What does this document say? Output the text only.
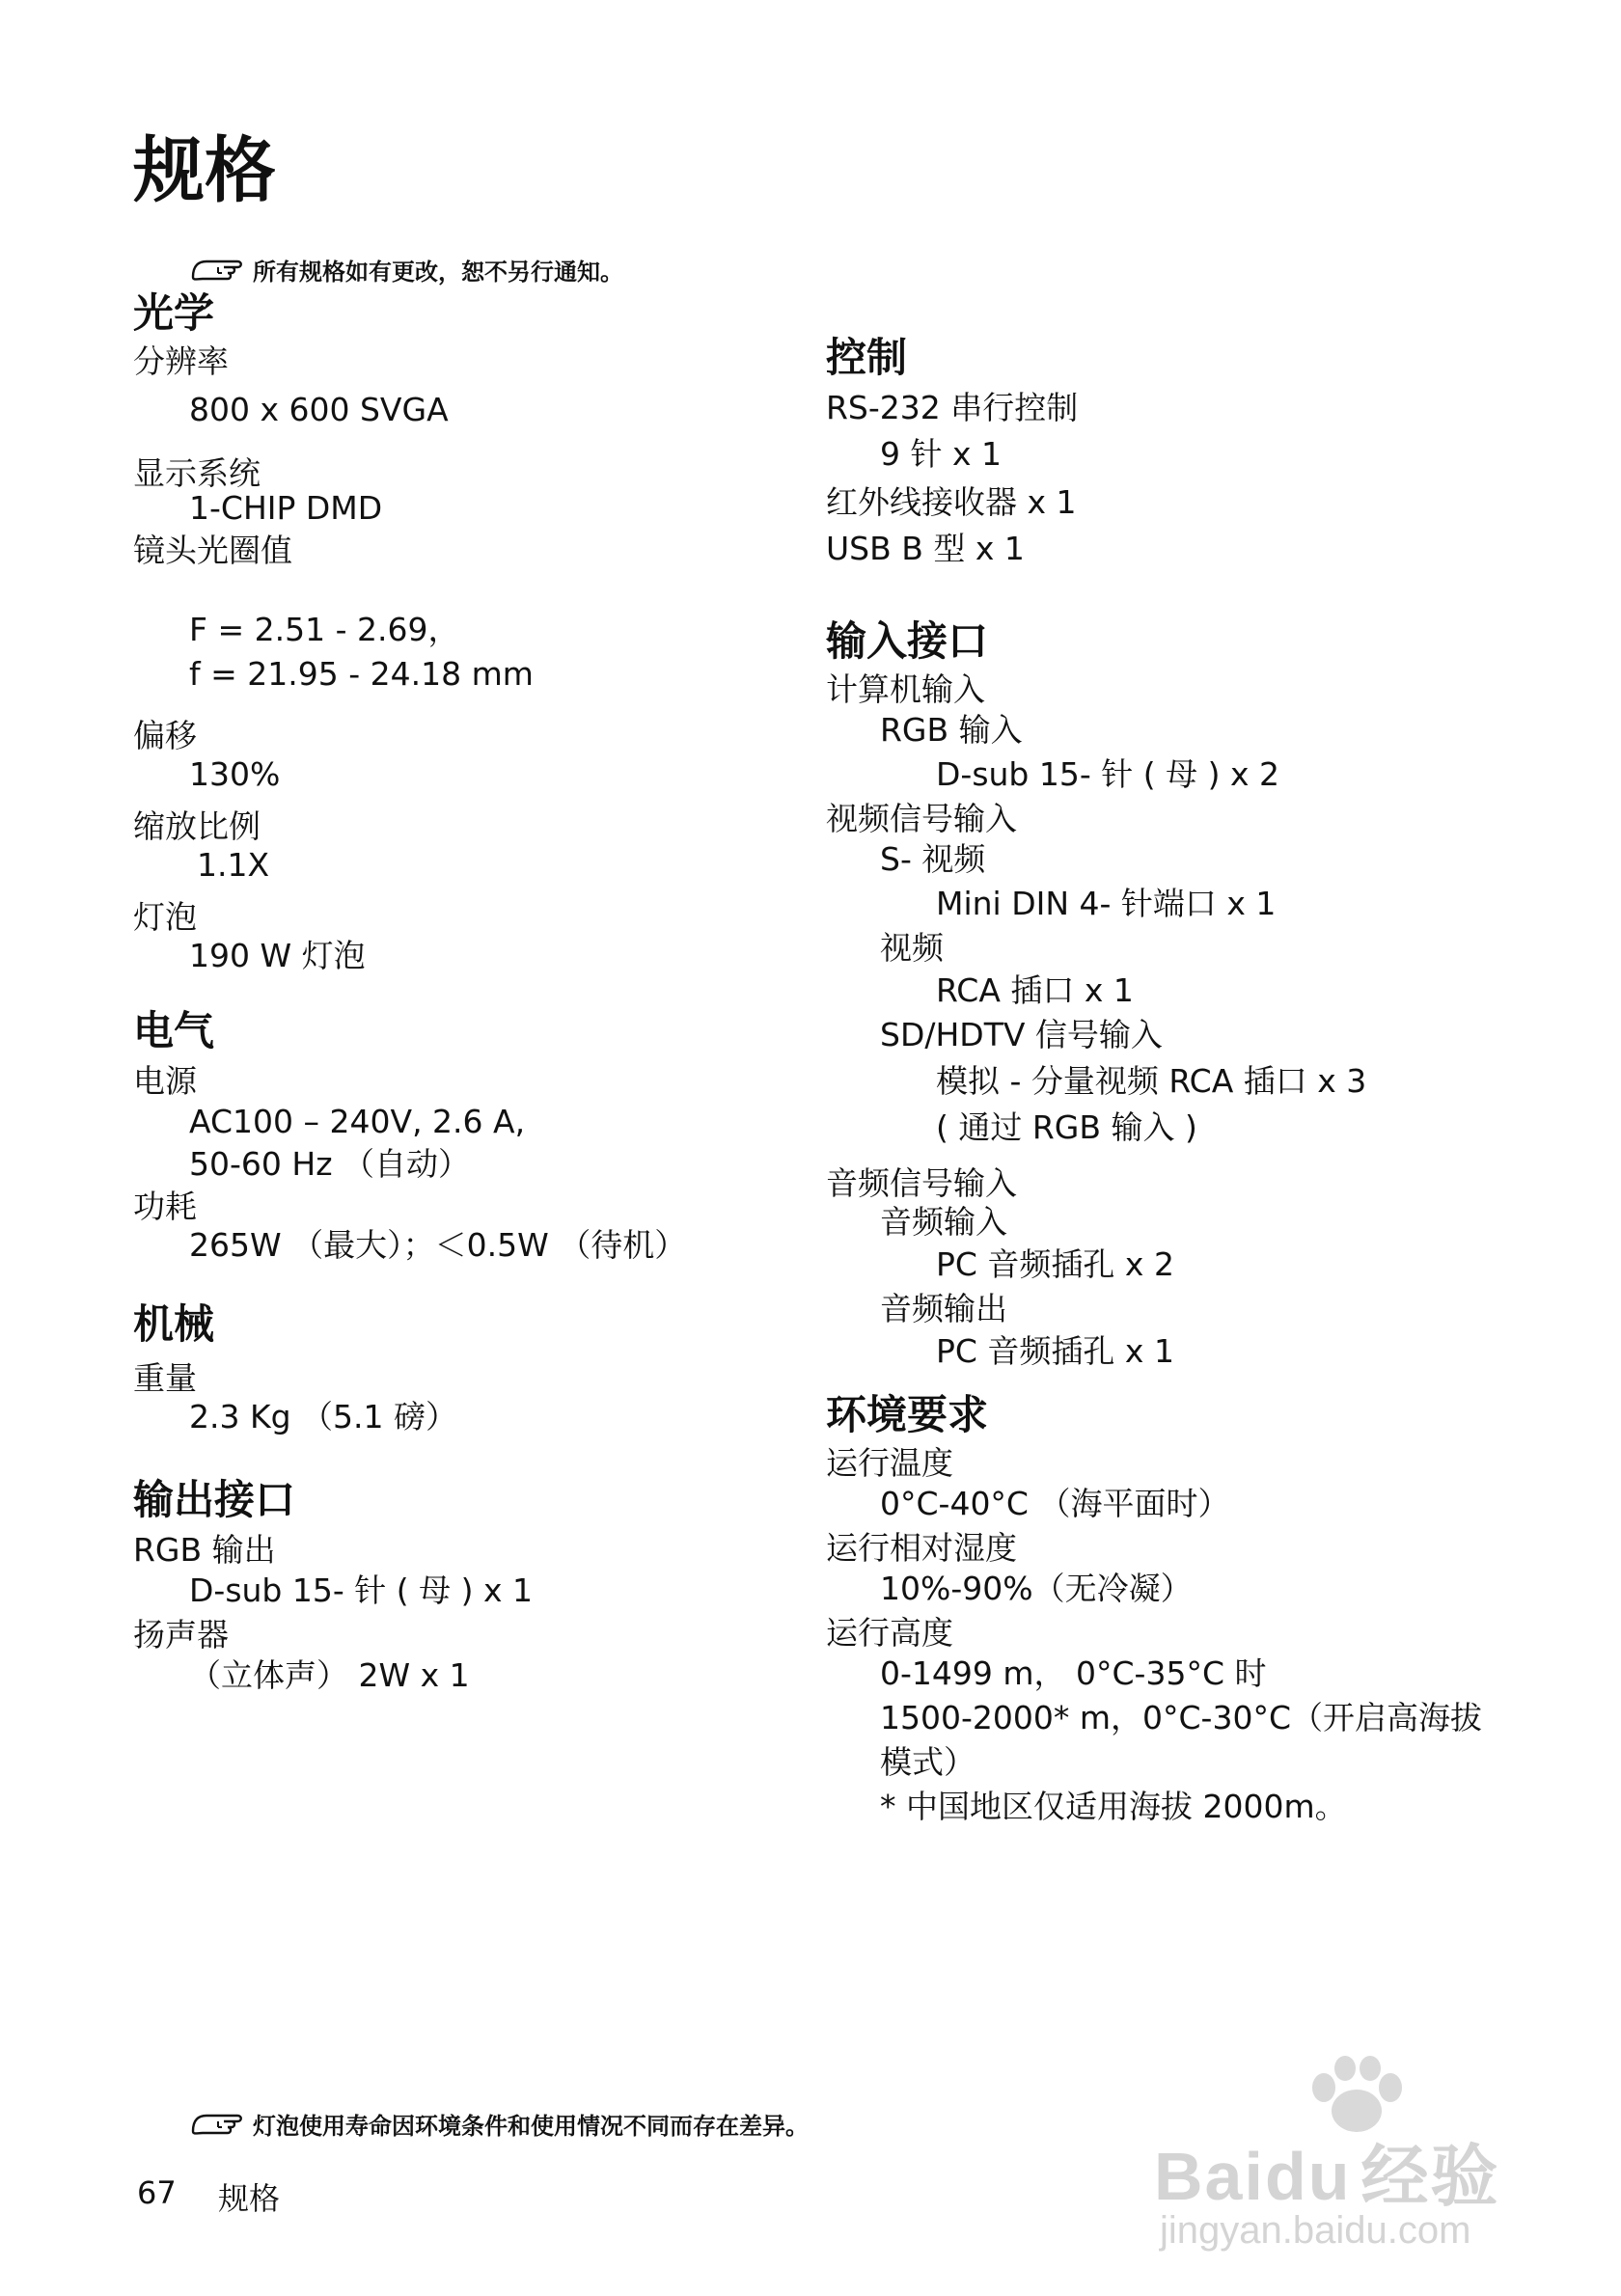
规格
所有规格如有更改，恕不另行通知。
光学
分辨率
800 x 600 SVGA
显示系统
1-CHIP DMD
镜头光圈值
F = 2.51 - 2.69，
f = 21.95 - 24.18 mm
偏移
130%
缩放比例
1.1X
灯泡
190 W 灯泡
电气
电源
AC100 – 240V, 2.6 A,
50-60 Hz （自动）
功耗
265W （最大）；＜0.5W （待机）
机械
重量
2.3 Kg （5.1 磅）
输出接口
RGB 输出
D-sub 15- 针 ( 母 ) x 1
扬声器
（立体声） 2W x 1
控制
RS-232 串行控制
9 针 x 1
红外线接收器 x 1
USB B 型 x 1
输入接口
计算机输入
RGB 输入
D-sub 15- 针 ( 母 ) x 2
视频信号输入
S- 视频
Mini DIN 4- 针端口 x 1
视频
RCA 插口 x 1
SD/HDTV 信号输入
模拟 - 分量视频 RCA 插口 x 3
( 通过 RGB 输入 )
音频信号输入
音频输入
PC 音频插孔 x 2
音频输出
PC 音频插孔 x 1
环境要求
运行温度
0°C-40°C （海平面时）
运行相对湿度
10%-90%（无冷凝）
运行高度
0-1499 m， 0°C-35°C 时
1500-2000* m，0°C-30°C（开启高海拔
模式）
* 中国地区仅适用海拔 2000m。
灯泡使用寿命因环境条件和使用情况不同而存在差异。
67 规格	Baidu 经验
jingyan.baidu.com
